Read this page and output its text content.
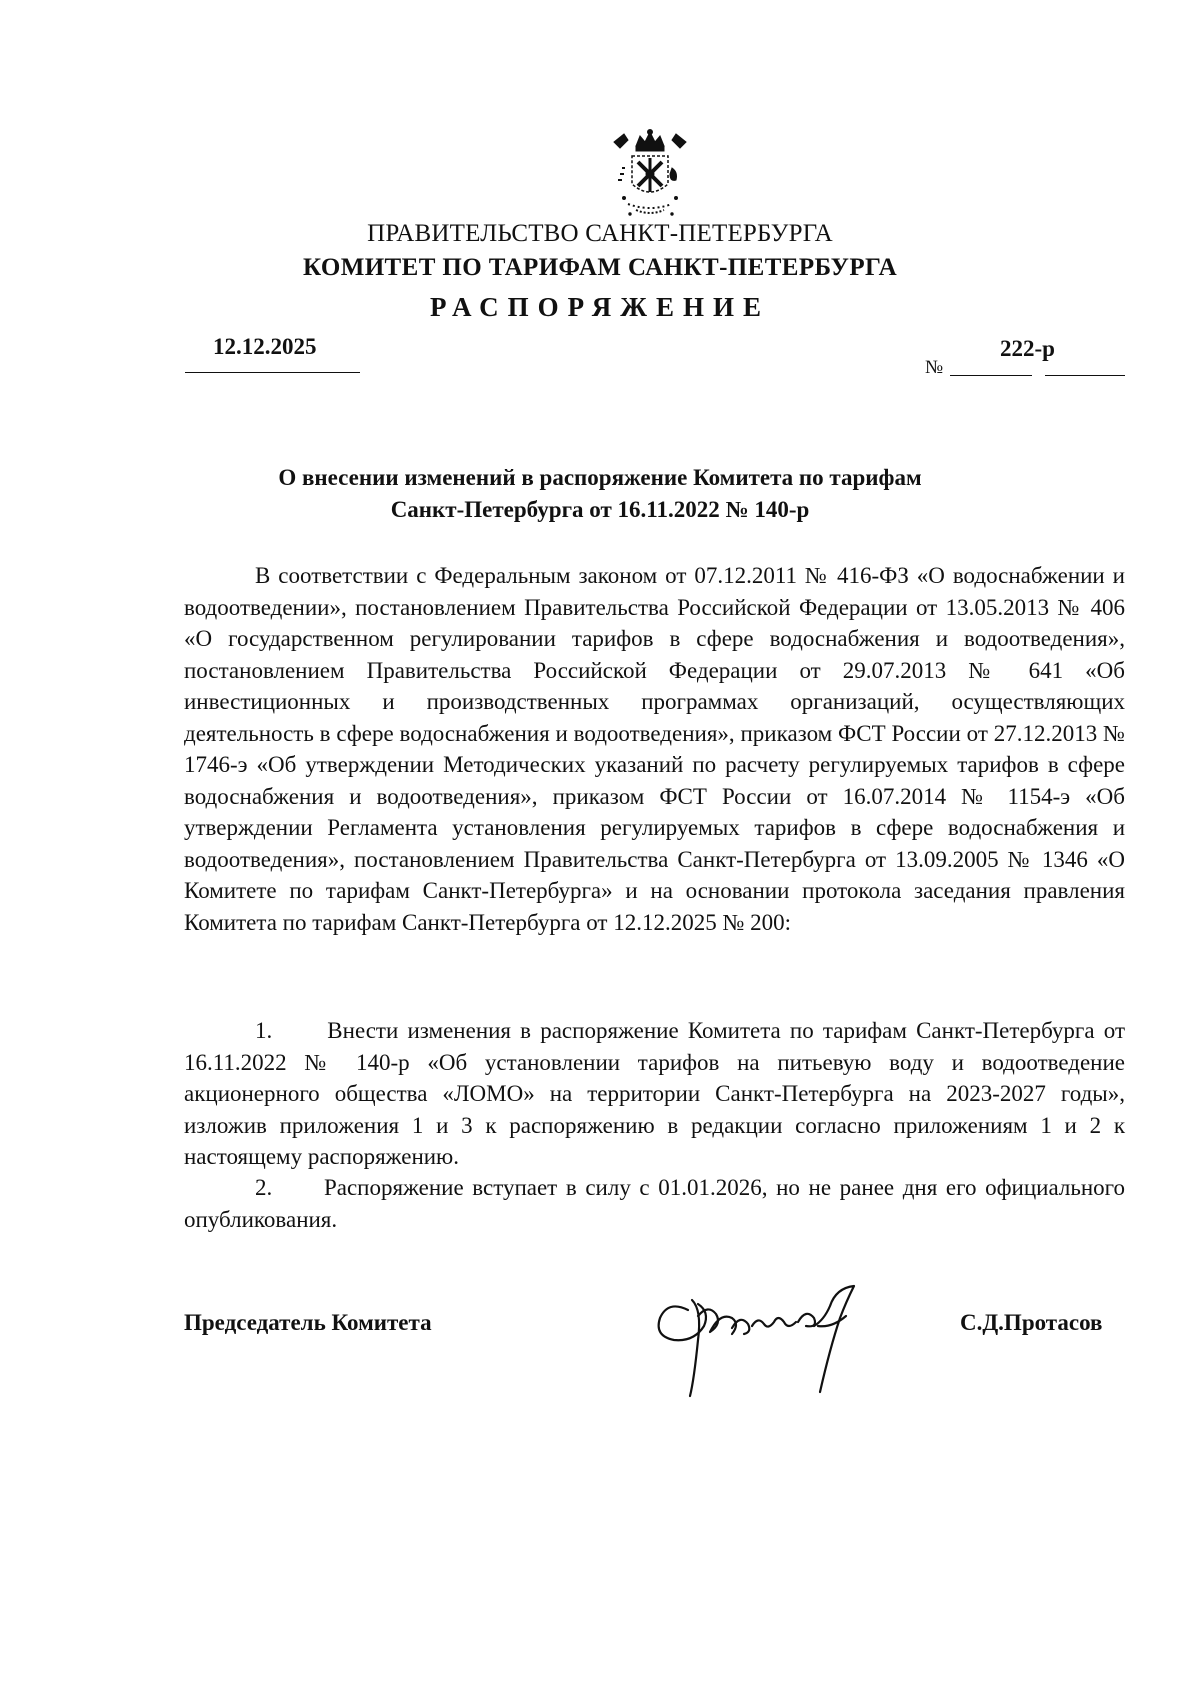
ПРАВИТЕЛЬСТВО САНКТ-ПЕТЕРБУРГА
КОМИТЕТ ПО ТАРИФАМ САНКТ-ПЕТЕРБУРГА
РАСПОРЯЖЕНИЕ
12.12.2025
№
222-р
О внесении изменений в распоряжение Комитета по тарифам
Санкт-Петербурга от 16.11.2022 № 140-р

В соответствии с Федеральным законом от 07.12.2011 № 416-ФЗ «О водоснабжении и водоотведении», постановлением Правительства Российской Федерации от 13.05.2013 № 406 «О государственном регулировании тарифов в сфере водоснабжения и водоотведения», постановлением Правительства Российской Федерации от 29.07.2013 № 641 «Об инвестиционных и производственных программах организаций, осуществляющих деятельность в сфере водоснабжения и водоотведения», приказом ФСТ России от 27.12.2013 № 1746-э «Об утверждении Методических указаний по расчету регулируемых тарифов в сфере водоснабжения и водоотведения», приказом ФСТ России от 16.07.2014 № 1154-э «Об утверждении Регламента установления регулируемых тарифов в сфере водоснабжения и водоотведения», постановлением Правительства Санкт-Петербурга от 13.09.2005 № 1346 «О Комитете по тарифам Санкт-Петербурга» и на основании протокола заседания правления Комитета по тарифам Санкт-Петербурга от 12.12.2025 № 200:

1.      Внести изменения в распоряжение Комитета по тарифам Санкт-Петербурга от 16.11.2022 № 140-р «Об установлении тарифов на питьевую воду и водоотведение акционерного общества «ЛОМО» на территории Санкт-Петербурга на 2023-2027 годы», изложив приложения 1 и 3 к распоряжению в редакции согласно приложениям 1 и 2 к настоящему распоряжению.

2.      Распоряжение вступает в силу с 01.01.2026, но не ранее дня его официального опубликования.

Председатель Комитета	С.Д.Протасов
